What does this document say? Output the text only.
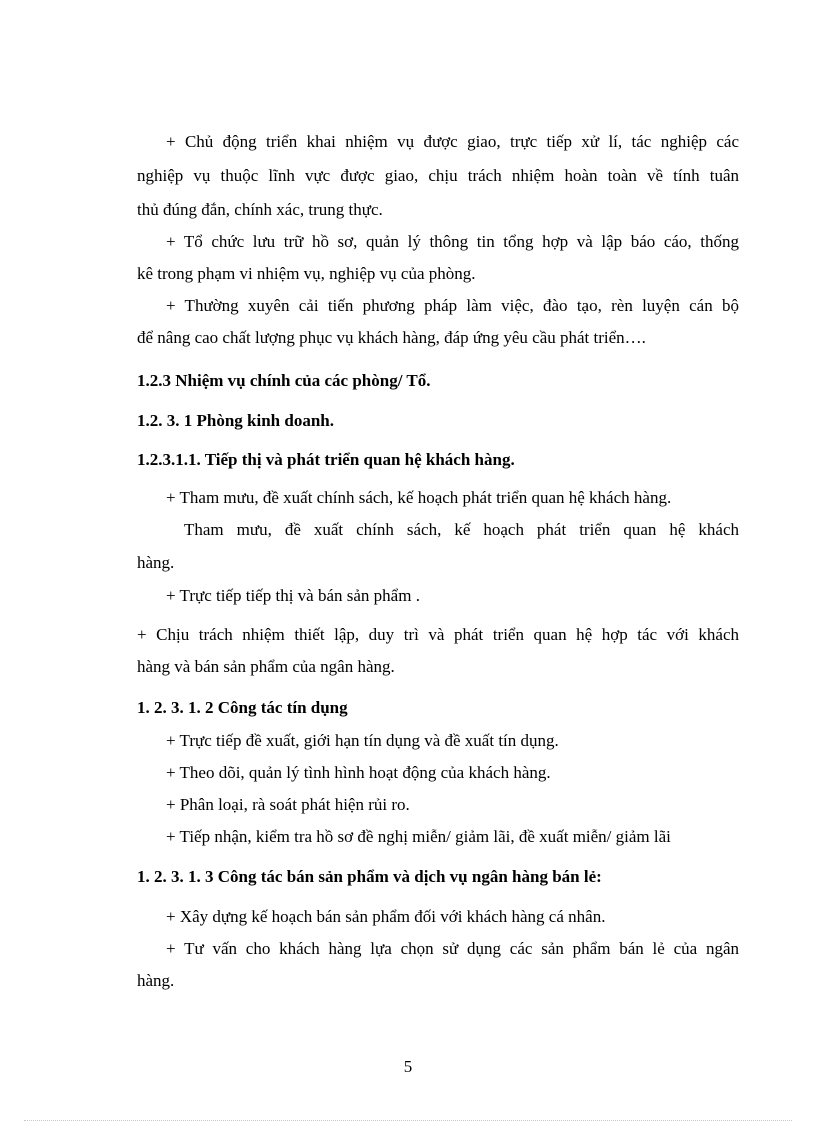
+ Chủ động triển khai nhiệm vụ được giao, trực tiếp xử lí, tác nghiệp các
nghiệp vụ thuộc lĩnh vực được giao, chịu trách nhiệm hoàn toàn về tính tuân
thủ đúng đắn, chính xác, trung thực.
+ Tổ chức lưu trữ hồ sơ, quản lý thông tin tổng hợp và lập báo cáo, thống
kê trong phạm vi nhiệm vụ, nghiệp vụ của phòng.
+ Thường xuyên cải tiến phương pháp làm việc, đào tạo, rèn luyện cán bộ
để nâng cao chất lượng phục vụ khách hàng, đáp ứng yêu cầu phát triển….
1.2.3 Nhiệm vụ chính của các phòng/ Tổ.
1.2. 3. 1 Phòng kinh doanh.
1.2.3.1.1. Tiếp thị và phát triển quan hệ khách hàng.
+ Tham mưu, đề xuất chính sách, kế hoạch phát triển quan hệ khách hàng.
Tham mưu, đề xuất chính sách, kế hoạch phát triển quan hệ khách
hàng.
+ Trực tiếp tiếp thị và bán sản phẩm .
+ Chịu trách nhiệm thiết lập, duy trì và phát triển quan hệ hợp tác với khách
hàng và bán sản phẩm của ngân hàng.
1. 2. 3. 1. 2 Công tác tín dụng
+ Trực tiếp đề xuất, giới hạn tín dụng và đề xuất tín dụng.
+ Theo dõi, quản lý tình hình hoạt động của khách hàng.
+ Phân loại, rà soát phát hiện rủi ro.
+ Tiếp nhận, kiểm tra hồ sơ đề nghị miễn/ giảm lãi, đề xuất miễn/ giảm lãi
1. 2. 3. 1. 3 Công tác bán sản phẩm và dịch vụ ngân hàng bán lẻ:
+ Xây dựng kế hoạch bán sản phẩm đối với khách hàng cá nhân.
+ Tư vấn cho khách hàng lựa chọn sử dụng các sản phẩm bán lẻ của ngân
hàng.
5
